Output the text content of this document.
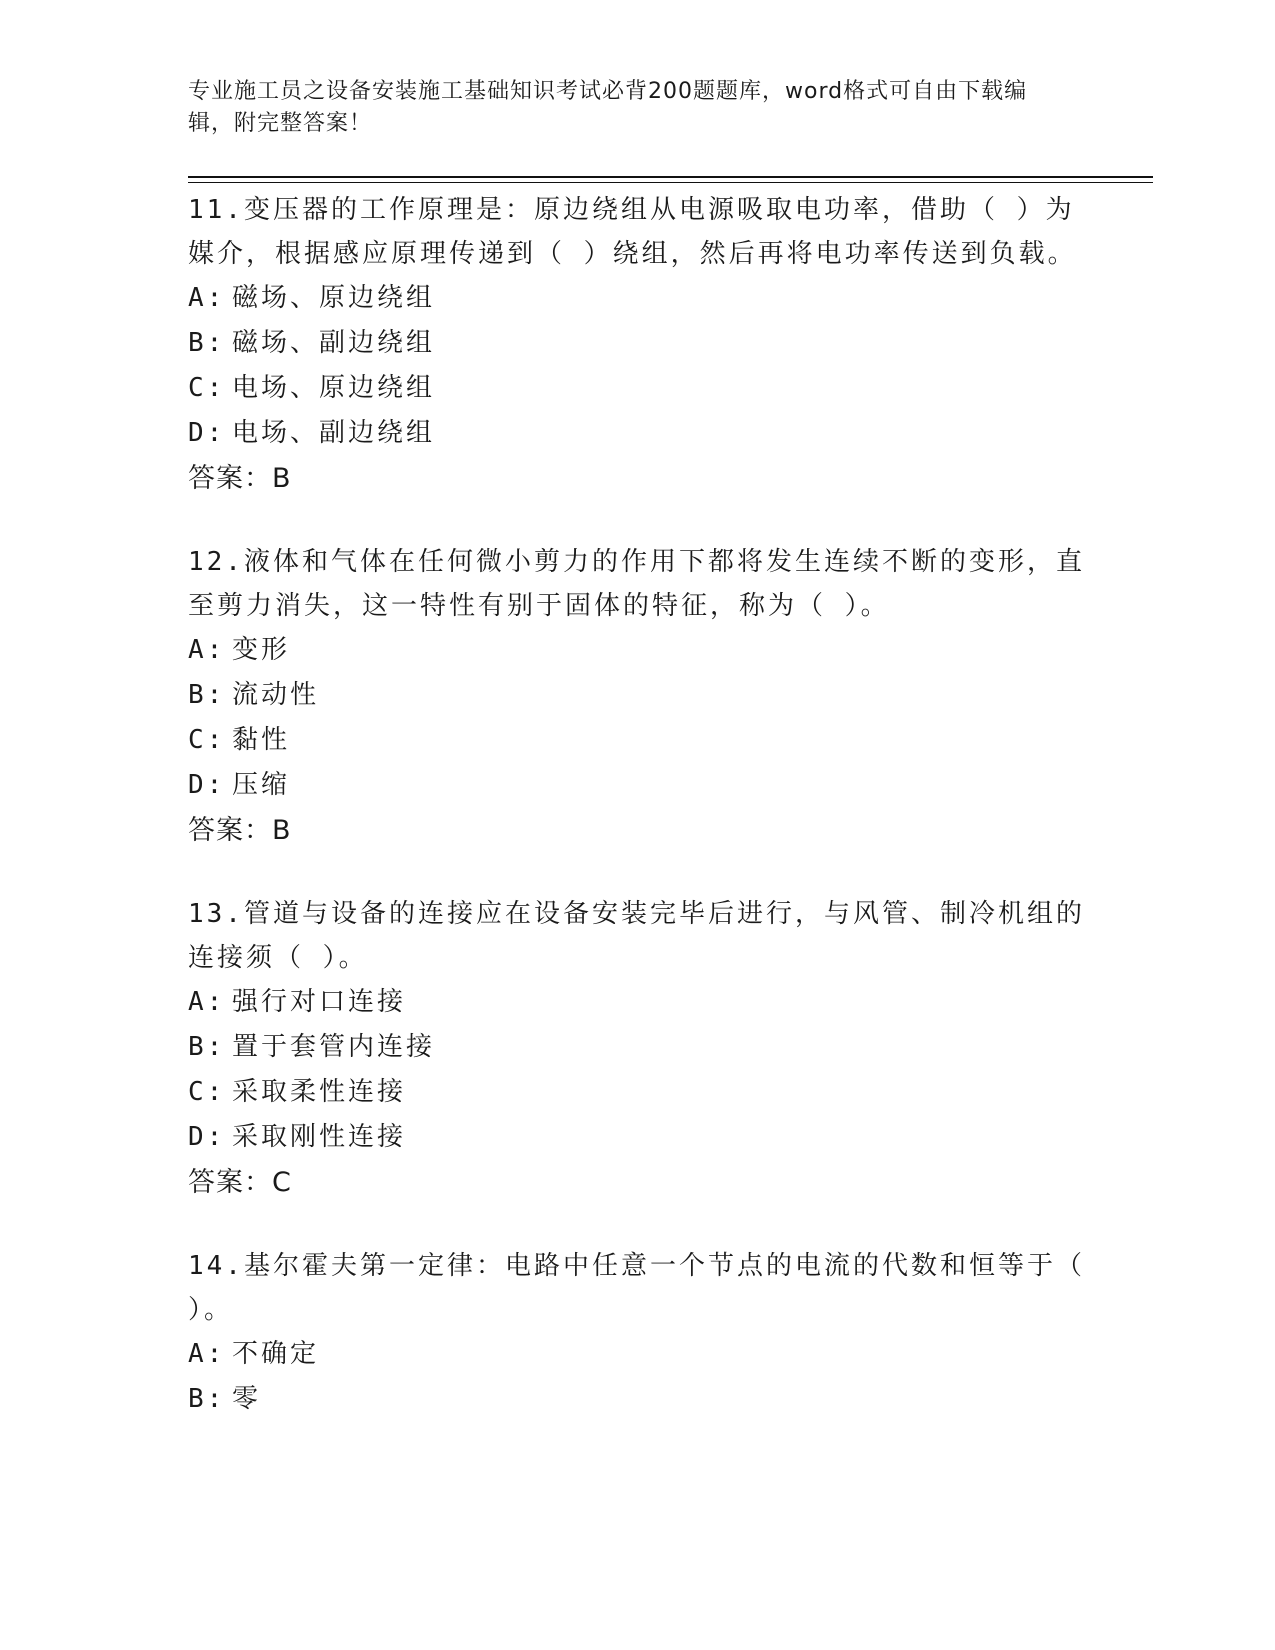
专业施工员之设备安装施工基础知识考试必背200题题库，word格式可自由下载编辑，附完整答案！

11.变压器的工作原理是：原边绕组从电源吸取电功率，借助（ ）为媒介，根据感应原理传递到（ ）绕组，然后再将电功率传送到负载。

A: 磁场、原边绕组
B: 磁场、副边绕组
C: 电场、原边绕组
D: 电场、副边绕组
答案：B

12.液体和气体在任何微小剪力的作用下都将发生连续不断的变形，直至剪力消失，这一特性有别于固体的特征，称为（ ）。

A: 变形
B: 流动性
C: 黏性
D: 压缩
答案：B

13.管道与设备的连接应在设备安装完毕后进行，与风管、制冷机组的连接须（ ）。

A: 强行对口连接
B: 置于套管内连接
C: 采取柔性连接
D: 采取刚性连接
答案：C

14.基尔霍夫第一定律：电路中任意一个节点的电流的代数和恒等于（ ）。

A: 不确定
B: 零
